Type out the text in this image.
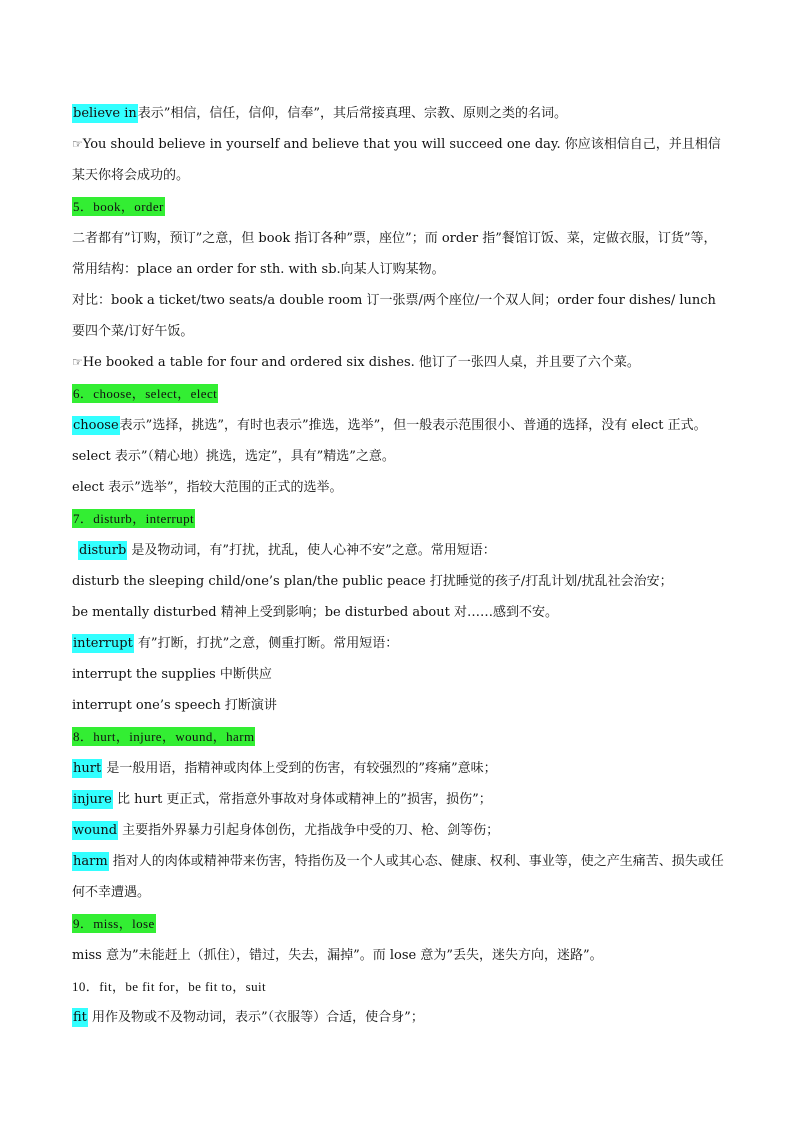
believe in表示”相信，信任，信仰，信奉”，其后常接真理、宗教、原则之类的名词。
☞You should believe in yourself and believe that you will succeed one day. 你应该相信自己，并且相信某天你将会成功的。
5．book，order
二者都有”订购，预订”之意，但 book 指订各种”票，座位”；而 order 指”餐馆订饭、菜，定做衣服，订货”等，常用结构：place an order for sth. with sb.向某人订购某物。
对比：book a ticket/two seats/a double room 订一张票/两个座位/一个双人间；order four dishes/ lunch 要四个菜/订好午饭。
☞He booked a table for four and ordered six dishes. 他订了一张四人桌，并且要了六个菜。
6．choose，select，elect
choose表示”选择，挑选”，有时也表示”推选，选举”，但一般表示范围很小、普通的选择，没有 elect 正式。 select 表示”（精心地）挑选，选定”，具有”精选”之意。
elect 表示”选举”，指较大范围的正式的选举。
7．disturb，interrupt
disturb 是及物动词，有”打扰，扰乱，使人心神不安”之意。常用短语：
disturb the sleeping child/one’s plan/the public peace 打扰睡觉的孩子/打乱计划/扰乱社会治安；
be mentally disturbed 精神上受到影响；be disturbed about 对……感到不安。
interrupt 有”打断，打扰”之意，侧重打断。常用短语：
interrupt the supplies 中断供应
interrupt one’s speech 打断演讲
8．hurt，injure，wound，harm
hurt 是一般用语，指精神或肉体上受到的伤害，有较强烈的”疼痛”意味；
injure 比 hurt 更正式，常指意外事故对身体或精神上的”损害，损伤”；
wound 主要指外界暴力引起身体创伤，尤指战争中受的刀、枪、剑等伤；
harm 指对人的肉体或精神带来伤害，特指伤及一个人或其心态、健康、权利、事业等，使之产生痛苦、损失或任何不幸遭遇。
9．miss，lose
miss 意为”未能赶上（抓住），错过，失去，漏掉”。而 lose 意为”丢失，迷失方向，迷路”。
10．fit，be fit for，be fit to，suit
fit 用作及物或不及物动词，表示”（衣服等）合适，使合身”；
